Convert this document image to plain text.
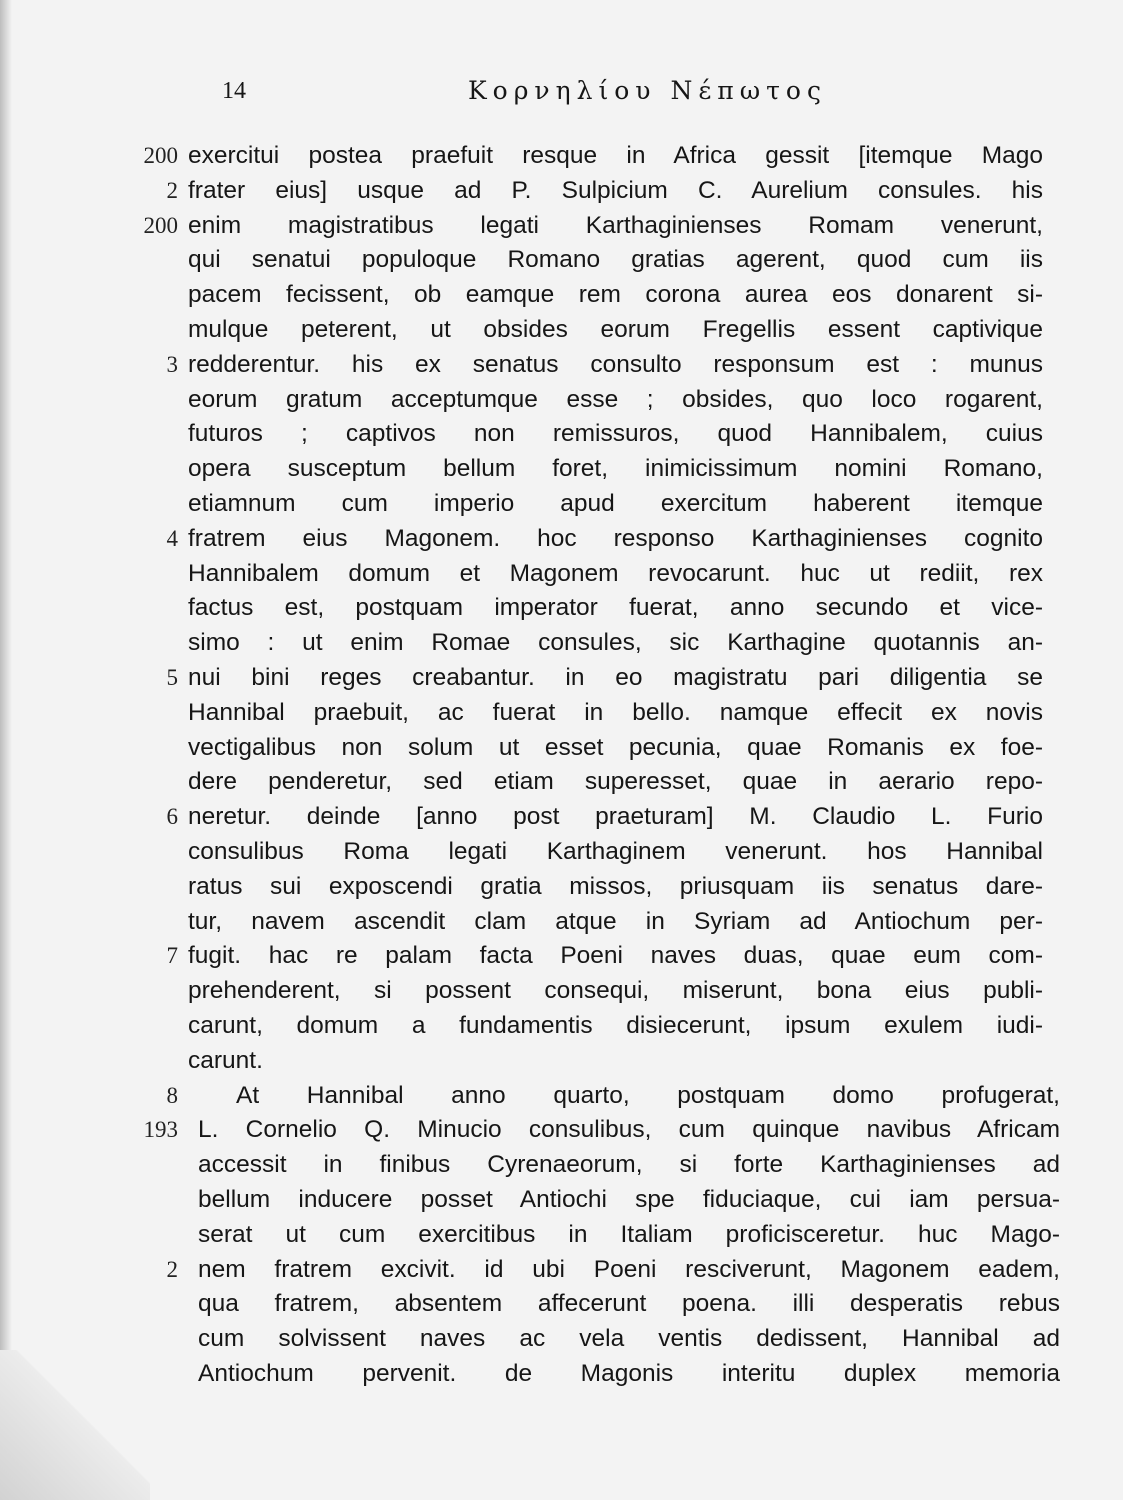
14	Κορνηλίου Νέπωτος
200 exercitui postea praefuit resque in Africa gessit [itemque Mago
2 frater eius] usque ad P. Sulpicium C. Aurelium consules. his
200 enim magistratibus legati Karthaginienses Romam venerunt,
qui senatui populoque Romano gratias agerent, quod cum iis
pacem fecissent, ob eamque rem corona aurea eos donarent si-
mulque peterent, ut obsides eorum Fregellis essent captivique
3 redderentur. his ex senatus consulto responsum est : munus
eorum gratum acceptumque esse ; obsides, quo loco rogarent,
futuros ; captivos non remissuros, quod Hannibalem, cuius
opera susceptum bellum foret, inimicissimum nomini Romano,
etiamnum cum imperio apud exercitum haberent itemque
4 fratrem eius Magonem. hoc responso Karthaginienses cognito
Hannibalem domum et Magonem revocarunt. huc ut rediit, rex
factus est, postquam imperator fuerat, anno secundo et vice-
simo : ut enim Romae consules, sic Karthagine quotannis an-
5 nui bini reges creabantur. in eo magistratu pari diligentia se
Hannibal praebuit, ac fuerat in bello. namque effecit ex novis
vectigalibus non solum ut esset pecunia, quae Romanis ex foe-
dere penderetur, sed etiam superesset, quae in aerario repo-
6 neretur. deinde [anno post praeturam] M. Claudio L. Furio
consulibus Roma legati Karthaginem venerunt. hos Hannibal
ratus sui exposcendi gratia missos, priusquam iis senatus dare-
tur, navem ascendit clam atque in Syriam ad Antiochum per-
7 fugit. hac re palam facta Poeni naves duas, quae eum com-
prehenderent, si possent consequi, miserunt, bona eius publi-
carunt, domum a fundamentis disiecerunt, ipsum exulem iudi-
carunt.
8	At Hannibal anno quarto, postquam domo profugerat,
193 L. Cornelio Q. Minucio consulibus, cum quinque navibus Africam
accessit in finibus Cyrenaeorum, si forte Karthaginienses ad
bellum inducere posset Antiochi spe fiduciaque, cui iam persua-
serat ut cum exercitibus in Italiam proficisceretur. huc Mago-
2 nem fratrem excivit. id ubi Poeni resciverunt, Magonem eadem,
qua fratrem, absentem affecerunt poena. illi desperatis rebus
cum solvissent naves ac vela ventis dedissent, Hannibal ad
Antiochum pervenit. de Magonis interitu duplex memoria
